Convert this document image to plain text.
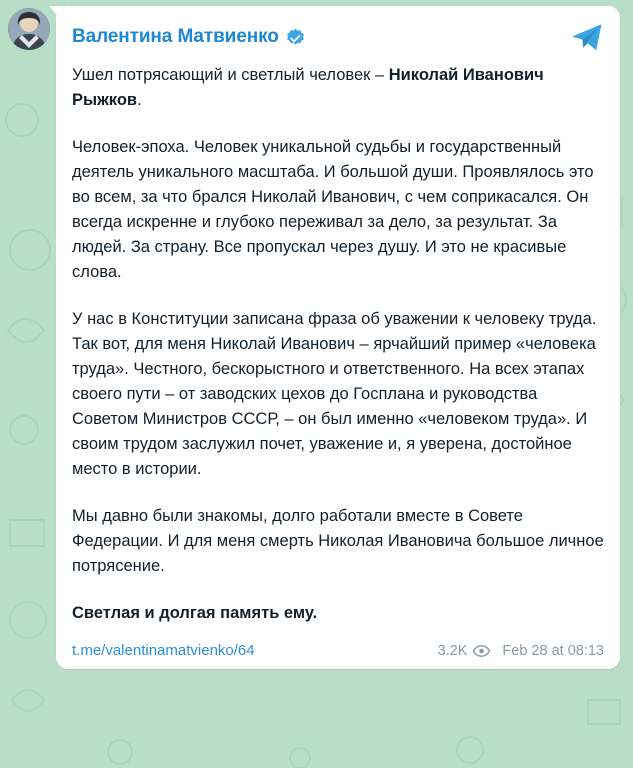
Валентина Матвиенко

Ушел потрясающий и светлый человек – Николай Иванович Рыжков.

Человек-эпоха. Человек уникальной судьбы и государственный деятель уникального масштаба. И большой души. Проявлялось это во всем, за что брался Николай Иванович, с чем соприкасался. Он всегда искренне и глубоко переживал за дело, за результат. За людей. За страну. Все пропускал через душу. И это не красивые слова.

У нас в Конституции записана фраза об уважении к человеку труда. Так вот, для меня Николай Иванович – ярчайший пример «человека труда». Честного, бескорыстного и ответственного. На всех этапах своего пути – от заводских цехов до Госплана и руководства Советом Министров СССР, – он был именно «человеком труда». И своим трудом заслужил почет, уважение и, я уверена, достойное место в истории.

Мы давно были знакомы, долго работали вместе в Совете Федерации. И для меня смерть Николая Ивановича большое личное потрясение.

Светлая и долгая память ему.

t.me/valentinamatvienko/64	3.2K Feb 28 at 08:13
